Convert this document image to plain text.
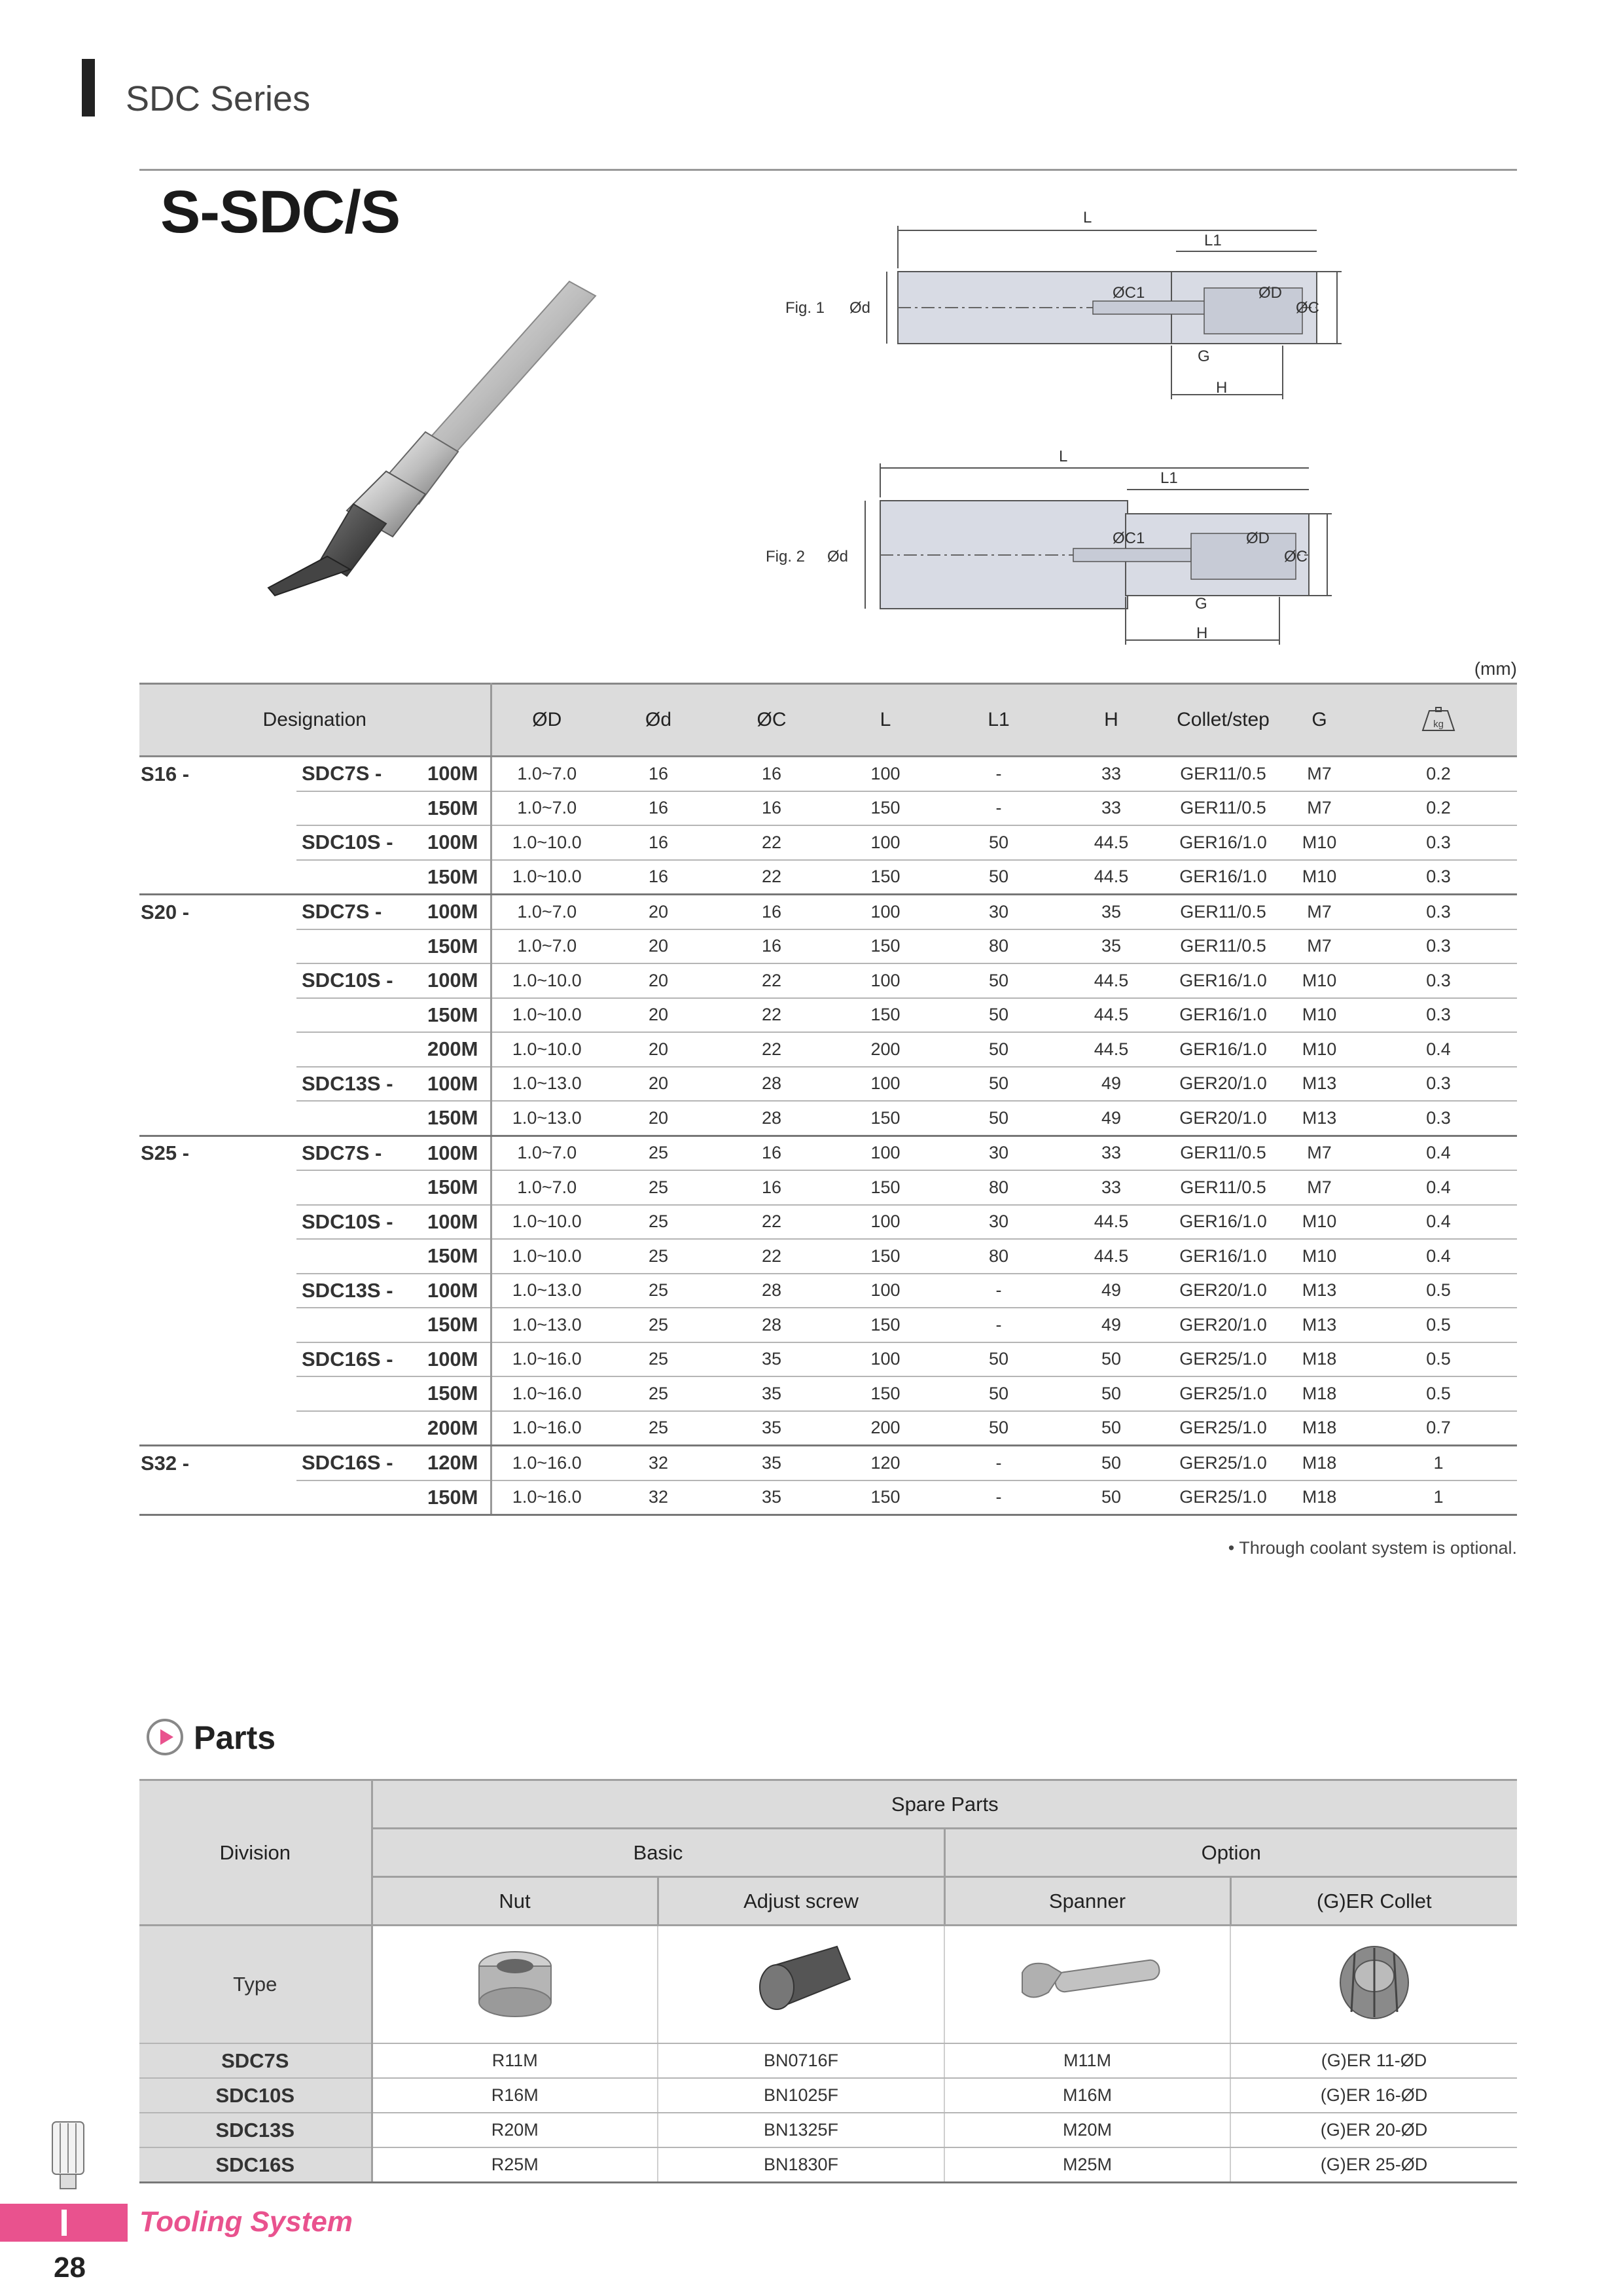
SDC Series
S-SDC/S
Fig. 1 Ød
L
L1
ØC1	ØD
ØC
H
G
Fig. 2 Ød
L
L1
ØC1	ØD
ØC
H
G
(mm)
Designation			ØD	Ød	ØC	L	L1	H	Collet/step	G	kg

S16 -	SDC7S -	100M	1.0~7.0	16	16	100	-	33	GER11/0.5	M7	0.2
		150M	1.0~7.0	16	16	150	-	33	GER11/0.5	M7	0.2
	SDC10S -	100M	1.0~10.0	16	22	100	50	44.5	GER16/1.0	M10	0.3
		150M	1.0~10.0	16	22	150	50	44.5	GER16/1.0	M10	0.3
S20 -	SDC7S -	100M	1.0~7.0	20	16	100	30	35	GER11/0.5	M7	0.3
		150M	1.0~7.0	20	16	150	80	35	GER11/0.5	M7	0.3
	SDC10S -	100M	1.0~10.0	20	22	100	50	44.5	GER16/1.0	M10	0.3
		150M	1.0~10.0	20	22	150	50	44.5	GER16/1.0	M10	0.3
		200M	1.0~10.0	20	22	200	50	44.5	GER16/1.0	M10	0.4
	SDC13S -	100M	1.0~13.0	20	28	100	50	49	GER20/1.0	M13	0.3
		150M	1.0~13.0	20	28	150	50	49	GER20/1.0	M13	0.3
S25 -	SDC7S -	100M	1.0~7.0	25	16	100	30	33	GER11/0.5	M7	0.4
		150M	1.0~7.0	25	16	150	80	33	GER11/0.5	M7	0.4
	SDC10S -	100M	1.0~10.0	25	22	100	30	44.5	GER16/1.0	M10	0.4
		150M	1.0~10.0	25	22	150	80	44.5	GER16/1.0	M10	0.4
	SDC13S -	100M	1.0~13.0	25	28	100	-	49	GER20/1.0	M13	0.5
		150M	1.0~13.0	25	28	150	-	49	GER20/1.0	M13	0.5
	SDC16S -	100M	1.0~16.0	25	35	100	50	50	GER25/1.0	M18	0.5
		150M	1.0~16.0	25	35	150	50	50	GER25/1.0	M18	0.5
		200M	1.0~16.0	25	35	200	50	50	GER25/1.0	M18	0.7
S32 -	SDC16S -	120M	1.0~16.0	32	35	120	-	50	GER25/1.0	M18	1
		150M	1.0~16.0	32	35	150	-	50	GER25/1.0	M18	1
• Through coolant system is optional.
Parts
Division	Spare Parts			
	Basic		Option	
	Nut	Adjust screw	Spanner	(G)ER Collet
Type				
SDC7S	R11M	BN0716F	M11M	(G)ER 11-ØD
SDC10S	R16M	BN1025F	M16M	(G)ER 16-ØD
SDC13S	R20M	BN1325F	M20M	(G)ER 20-ØD
SDC16S	R25M	BN1830F	M25M	(G)ER 25-ØD
Tooling System
28
